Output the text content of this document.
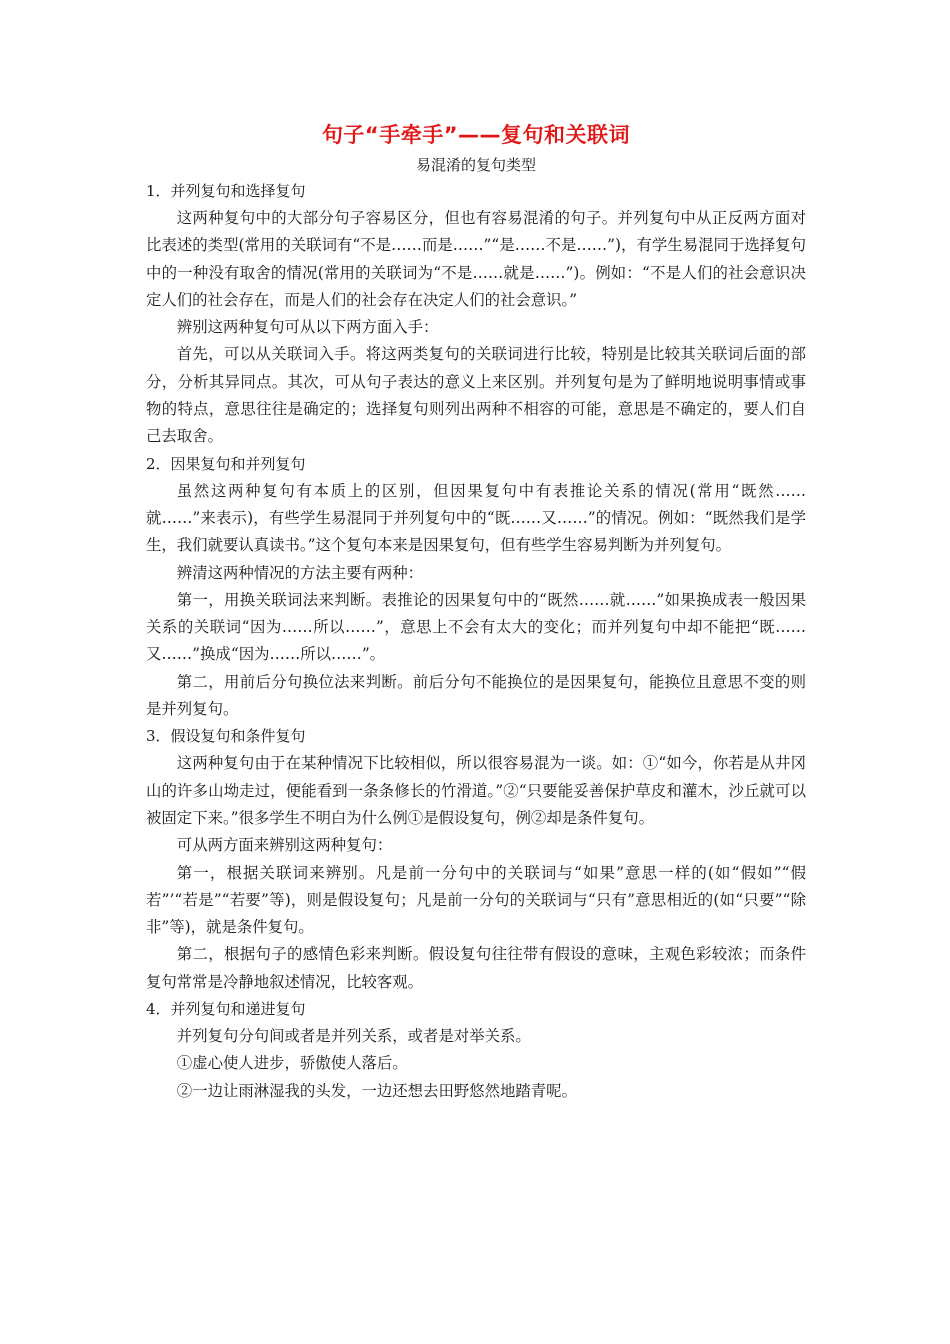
句子“手牵手”——复句和关联词

易混淆的复句类型

1．并列复句和选择复句

这两种复句中的大部分句子容易区分，但也有容易混淆的句子。并列复句中从正反两方面对比表述的类型(常用的关联词有“不是……而是……”“是……不是……”)，有学生易混同于选择复句中的一种没有取舍的情况(常用的关联词为“不是……就是……”)。例如：“不是人们的社会意识决定人们的社会存在，而是人们的社会存在决定人们的社会意识。”

辨别这两种复句可从以下两方面入手：

首先，可以从关联词入手。将这两类复句的关联词进行比较，特别是比较其关联词后面的部分，分析其异同点。其次，可从句子表达的意义上来区别。并列复句是为了鲜明地说明事情或事物的特点，意思往往是确定的；选择复句则列出两种不相容的可能，意思是不确定的，要人们自己去取舍。

2．因果复句和并列复句

虽然这两种复句有本质上的区别，但因果复句中有表推论关系的情况(常用“既然……就……”来表示)，有些学生易混同于并列复句中的“既……又……”的情况。例如：“既然我们是学生，我们就要认真读书。”这个复句本来是因果复句，但有些学生容易判断为并列复句。

辨清这两种情况的方法主要有两种：

第一，用换关联词法来判断。表推论的因果复句中的“既然……就……”如果换成表一般因果关系的关联词“因为……所以……”，意思上不会有太大的变化；而并列复句中却不能把“既……又……”换成“因为……所以……”。

第二，用前后分句换位法来判断。前后分句不能换位的是因果复句，能换位且意思不变的则是并列复句。

3．假设复句和条件复句

这两种复句由于在某种情况下比较相似，所以很容易混为一谈。如：①“如今，你若是从井冈山的许多山坳走过，便能看到一条条修长的竹滑道。”②“只要能妥善保护草皮和灌木，沙丘就可以被固定下来。”很多学生不明白为什么例①是假设复句，例②却是条件复句。

可从两方面来辨别这两种复句：

第一，根据关联词来辨别。凡是前一分句中的关联词与“如果”意思一样的(如“假如”“假若”’“若是”“若要”等)，则是假设复句；凡是前一分句的关联词与“只有”意思相近的(如“只要”“除非”等)，就是条件复句。

第二，根据句子的感情色彩来判断。假设复句往往带有假设的意味，主观色彩较浓；而条件复句常常是冷静地叙述情况，比较客观。

4．并列复句和递进复句

并列复句分句间或者是并列关系，或者是对举关系。

①虚心使人进步，骄傲使人落后。

②一边让雨淋湿我的头发，一边还想去田野悠然地踏青呢。
